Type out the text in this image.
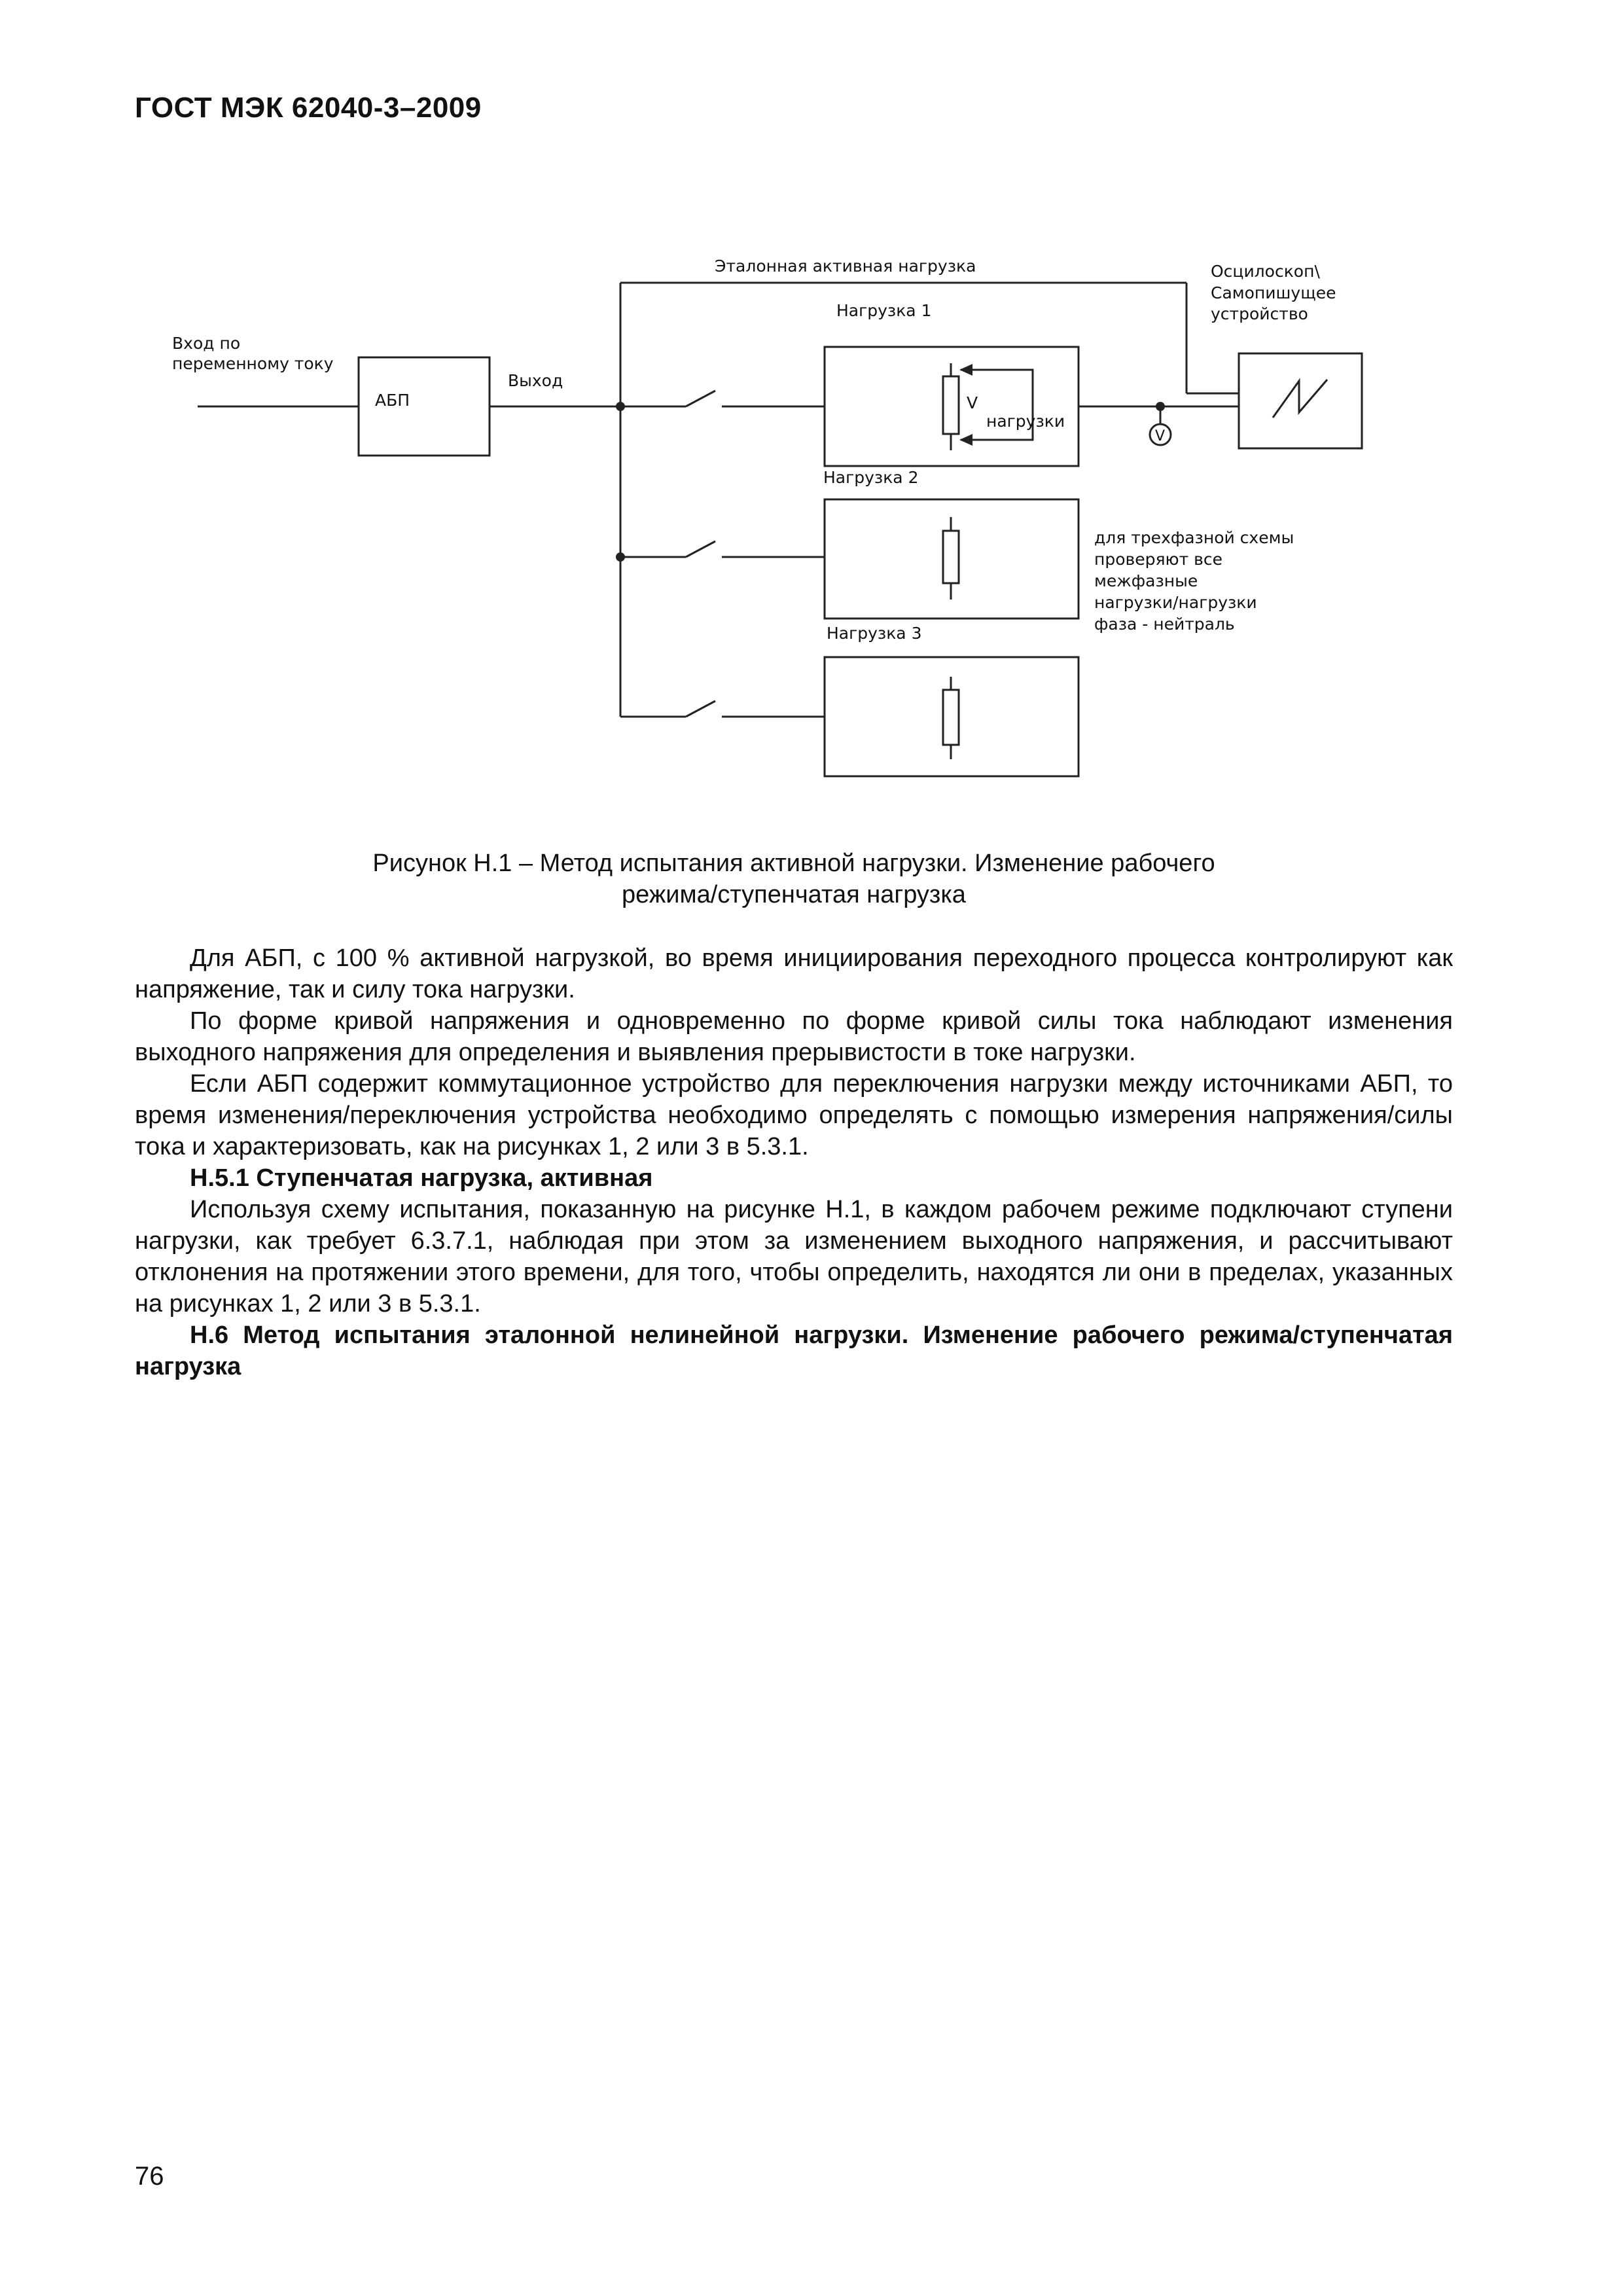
ГОСТ МЭК 62040-3–2009
Эталонная активная нагрузка
Вход по
переменному току
АБП
Выход
Нагрузка 1
Нагрузка 2
Нагрузка 3
V
нагрузки
V
Осцилоскоп\
Самопишущее
устройство
для трехфазной схемы
проверяют все
межфазные
нагрузки/нагрузки
фаза - нейтраль
Рисунок Н.1 – Метод испытания активной нагрузки. Изменение рабочего
режима/ступенчатая нагрузка

Для АБП, с 100 % активной нагрузкой, во время инициирования переходного процесса контролируют как напряжение, так и силу тока нагрузки.

По форме кривой напряжения и одновременно по форме кривой силы тока наблюдают изменения выходного напряжения для определения и выявления прерывистости в токе нагрузки.

Если АБП содержит коммутационное устройство для переключения нагрузки между источниками АБП, то время изменения/переключения устройства необходимо определять с помощью измерения напряжения/силы тока и характеризовать, как на рисунках 1, 2 или 3 в 5.3.1.

Н.5.1 Ступенчатая нагрузка, активная

Используя схему испытания, показанную на рисунке Н.1, в каждом рабочем режиме подключают ступени нагрузки, как требует 6.3.7.1, наблюдая при этом за изменением выходного напряжения, и рассчитывают отклонения на протяжении этого времени, для того, чтобы определить, находятся ли они в пределах, указанных на рисунках 1, 2 или 3 в 5.3.1.

Н.6 Метод испытания эталонной нелинейной нагрузки. Изменение рабочего режима/ступенчатая нагрузка

76
